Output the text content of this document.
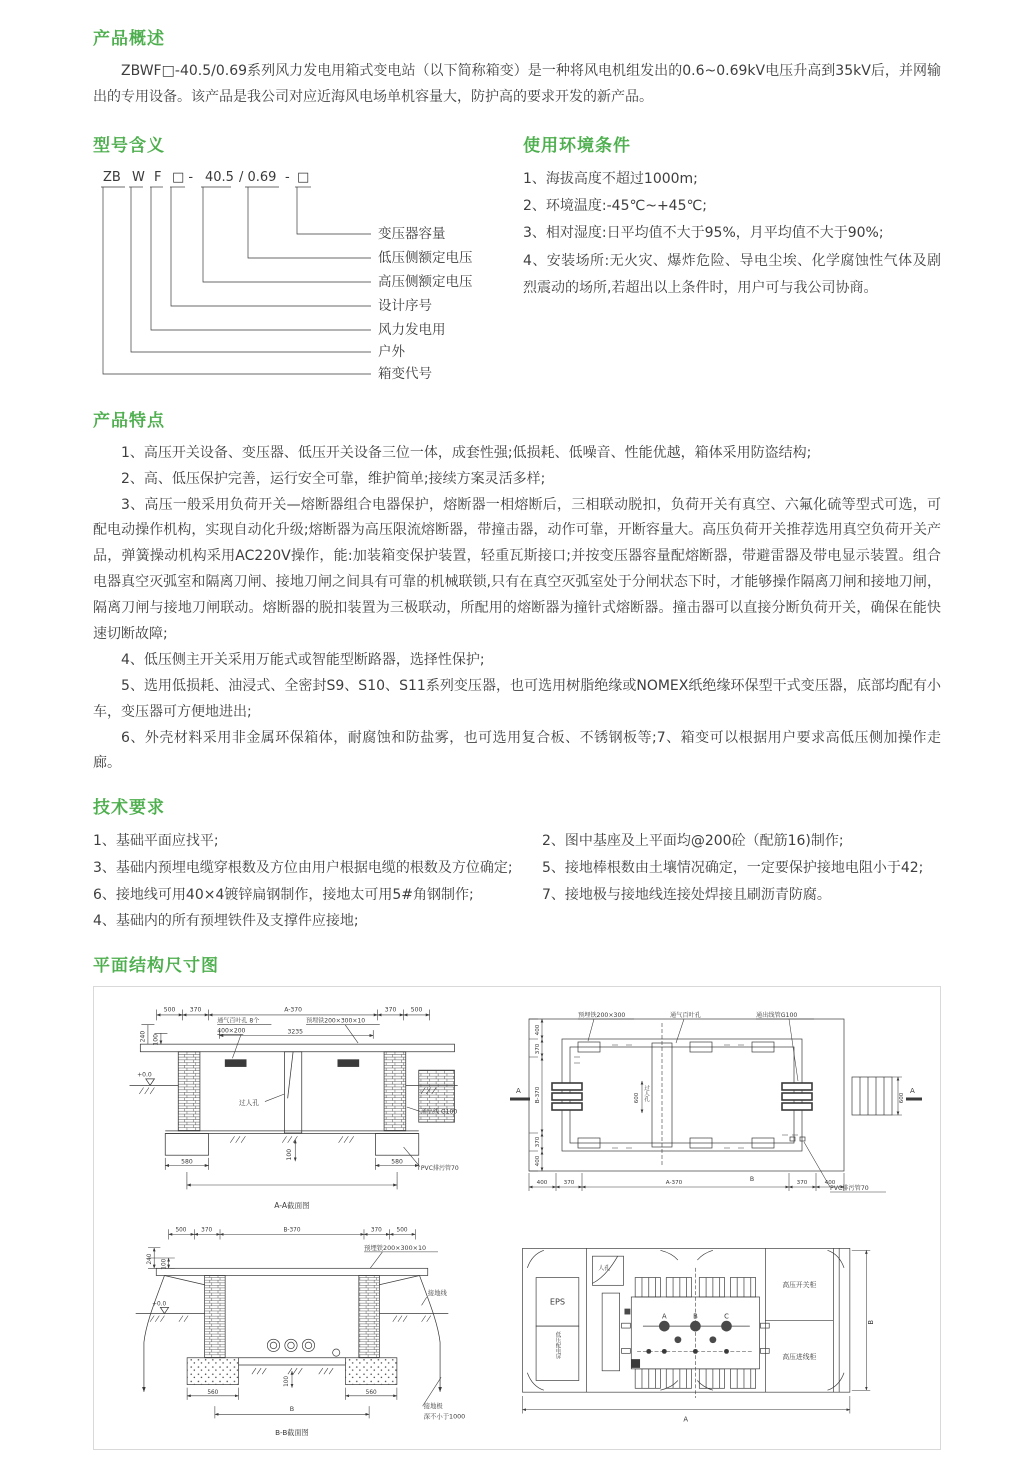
产品概述

ZBWF□-40.5/0.69系列风力发电用箱式变电站（以下简称箱变）是一种将风电机组发出的0.6~0.69kV电压升高到35kV后，并网输出的专用设备。该产品是我公司对应近海风电场单机容量大，防护高的要求开发的新产品。

型号含义
ZB W F □ - 40.5 / 0.69 - □
变压器容量
低压侧额定电压
高压侧额定电压
设计序号
风力发电用
户外
箱变代号
使用环境条件

1、海拔高度不超过1000m;

2、环境温度:-45℃~+45℃;

3、相对湿度:日平均值不大于95%，月平均值不大于90%;

4、安装场所:无火灾、爆炸危险、导电尘埃、化学腐蚀性气体及剧烈震动的场所,若超出以上条件时，用户可与我公司协商。

产品特点

1、高压开关设备、变压器、低压开关设备三位一体，成套性强;低损耗、低噪音、性能优越，箱体采用防盗结构;

2、高、低压保护完善，运行安全可靠，维护简单;接续方案灵活多样;

3、高压一般采用负荷开关—熔断器组合电器保护，熔断器一相熔断后，三相联动脱扣，负荷开关有真空、六氟化硫等型式可选，可配电动操作机构，实现自动化升级;熔断器为高压限流熔断器，带撞击器，动作可靠，开断容量大。高压负荷开关推荐选用真空负荷开关产品，弹簧操动机构采用AC220V操作，能:加装箱变保护装置，轻重瓦斯接口;并按变压器容量配熔断器，带避雷器及带电显示装置。组合电器真空灭弧室和隔离刀闸、接地刀闸之间具有可靠的机械联锁,只有在真空灭弧室处于分闸状态下时，才能够操作隔离刀闸和接地刀闸，隔离刀闸与接地刀闸联动。熔断器的脱扣装置为三极联动，所配用的熔断器为撞针式熔断器。撞击器可以直接分断负荷开关，确保在能快速切断故障;

4、低压侧主开关采用万能式或智能型断路器，选择性保护;

5、选用低损耗、油浸式、全密封S9、S10、S11系列变压器，也可选用树脂绝缘或NOMEX纸绝缘环保型干式变压器，底部均配有小车，变压器可方便地进出;

6、外壳材料采用非金属环保箱体，耐腐蚀和防盐雾，也可选用复合板、不锈钢板等;7、箱变可以根据用户要求高低压侧加操作走廊。

技术要求

1、基础平面应找平;

3、基础内预埋电缆穿根数及方位由用户根据电缆的根数及方位确定;

6、接地线可用40×4镀锌扁钢制作，接地太可用5#角钢制作;

4、基础内的所有预埋铁件及支撑件应接地;

2、图中基座及上平面均@200砼（配筋16)制作;

5、接地棒根数由土壤情况确定，一定要保护接地电阻小于42;

7、接地极与接地线连接处焊接且刷沥青防腐。

平面结构尺寸图
500	370	A-370	370	500
通气百叶孔 8个
400×200
预埋铁200×300×10
3235
+0.0
240 100
过人孔
通出线 G100
PVC排污管70
580	580
100
A-A截面图
600
A	A
600 过人孔
预埋铁200×300	通气百叶孔	通出线管G100
PVC排污管70
400
370
B-370
370
400
400	370	A-370	370	400
B
500	370	B-370	370	500
+0.0
240 100
预埋铁200×300×10
接地线
接地极
深不小于1000
560	560
B
100
B-B截面图
EPS
低压配电屏
人孔
A	B	C
高压开关柜
高压进线柜
B
A
